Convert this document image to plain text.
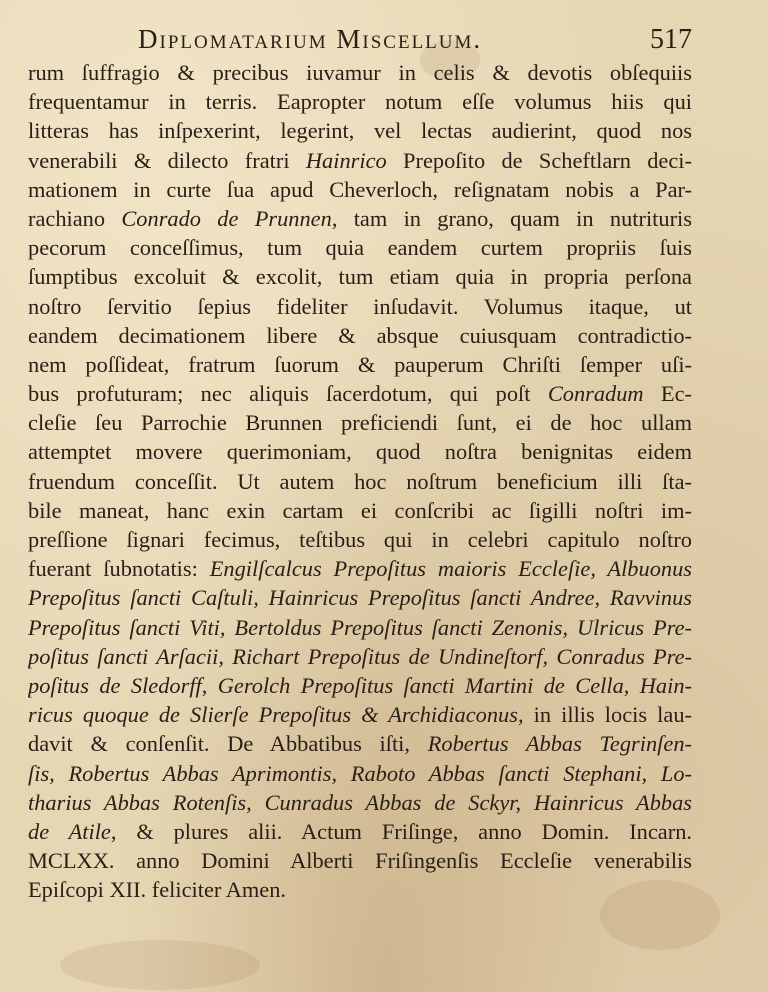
Diplomatarium Miscellum.	517
rum ſuffragio & precibus iuvamur in celis & devotis obſequiis
frequentamur in terris. Eapropter notum eſſe volumus hiis qui
litteras has inſpexerint, legerint, vel lectas audierint, quod nos
venerabili & dilecto fratri Hainrico Prepoſito de Scheftlarn deci-
mationem in curte ſua apud Cheverloch, reſignatam nobis a Par-
rachiano Conrado de Prunnen, tam in grano, quam in nutrituris
pecorum conceſſimus, tum quia eandem curtem propriis ſuis
ſumptibus excoluit & excolit, tum etiam quia in propria perſona
noſtro ſervitio ſepius fideliter inſudavit. Volumus itaque, ut
eandem decimationem libere & absque cuiusquam contradictio-
nem poſſideat, fratrum ſuorum & pauperum Chriſti ſemper uſi-
bus profuturam; nec aliquis ſacerdotum, qui poſt Conradum Ec-
cleſie ſeu Parrochie Brunnen preficiendi ſunt, ei de hoc ullam
attemptet movere querimoniam, quod noſtra benignitas eidem
fruendum conceſſit. Ut autem hoc noſtrum beneficium illi ſta-
bile maneat, hanc exin cartam ei conſcribi ac ſigilli noſtri im-
preſſione ſignari fecimus, teſtibus qui in celebri capitulo noſtro
fuerant ſubnotatis: Engilſcalcus Prepoſitus maioris Eccleſie, Albuonus
Prepoſitus ſancti Caſtuli, Hainricus Prepoſitus ſancti Andree, Ravvinus
Prepoſitus ſancti Viti, Bertoldus Prepoſitus ſancti Zenonis, Ulricus Pre-
poſitus ſancti Arſacii, Richart Prepoſitus de Undineſtorf, Conradus Pre-
poſitus de Sledorff, Gerolch Prepoſitus ſancti Martini de Cella, Hain-
ricus quoque de Slierſe Prepoſitus & Archidiaconus, in illis locis lau-
davit & conſenſit. De Abbatibus iſti, Robertus Abbas Tegrinſen-
ſis, Robertus Abbas Aprimontis, Raboto Abbas ſancti Stephani, Lo-
tharius Abbas Rotenſis, Cunradus Abbas de Sckyr, Hainricus Abbas
de Atile, & plures alii. Actum Friſinge, anno Domin. Incarn.
MCLXX. anno Domini Alberti Friſingenſis Eccleſie venerabilis
Epiſcopi XII. feliciter Amen.
